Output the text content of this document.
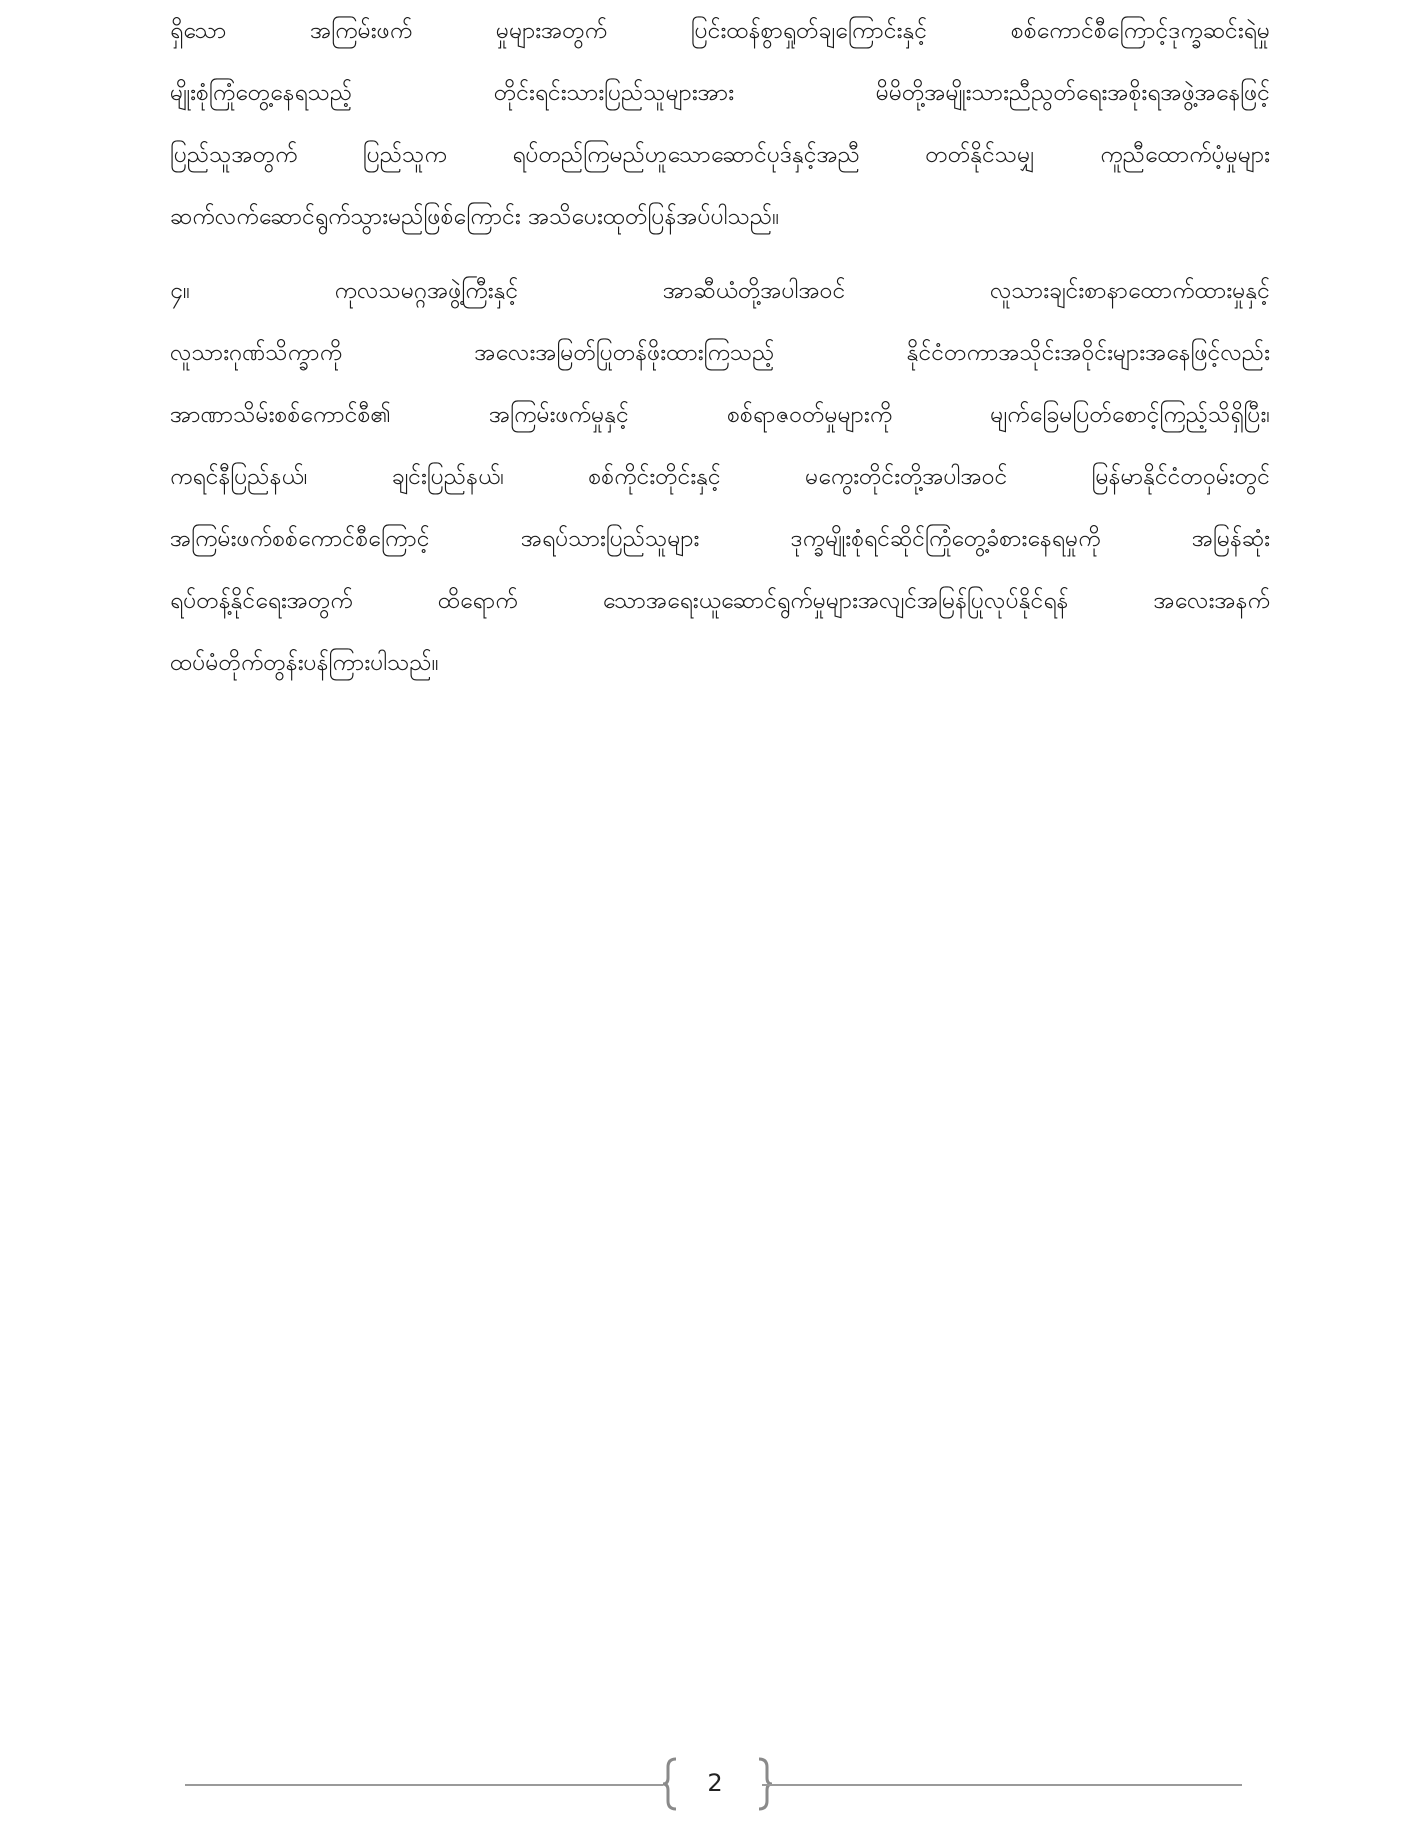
ရှိသော အကြမ်းဖက် မှုများအတွက် ပြင်းထန်စွာရှုတ်ချကြောင်းနှင့် စစ်ကောင်စီကြောင့်ဒုက္ခဆင်းရဲမှု
မျိုးစုံကြုံတွေ့နေရသည့် တိုင်းရင်းသားပြည်သူများအား မိမိတို့အမျိုးသားညီညွတ်ရေးအစိုးရအဖွဲ့အနေဖြင့်
ပြည်သူအတွက် ပြည်သူက ရပ်တည်ကြမည်ဟူသောဆောင်ပုဒ်နှင့်အညီ တတ်နိုင်သမျှ ကူညီထောက်ပံ့မှုများ
ဆက်လက်ဆောင်ရွက်သွားမည်ဖြစ်ကြောင်း အသိပေးထုတ်ပြန်အပ်ပါသည်။
၄။ ကုလသမဂ္ဂအဖွဲ့ကြီးနှင့် အာဆီယံတို့အပါအဝင် လူသားချင်းစာနာထောက်ထားမှုနှင့်
လူသားဂုဏ်သိက္ခာကို အလေးအမြတ်ပြုတန်ဖိုးထားကြသည့် နိုင်ငံတကာအသိုင်းအဝိုင်းများအနေဖြင့်လည်း
အာဏာသိမ်းစစ်ကောင်စီ၏ အကြမ်းဖက်မှုနှင့် စစ်ရာဇဝတ်မှုများကို မျက်ခြေမပြတ်စောင့်ကြည့်သိရှိပြီး၊
ကရင်နီပြည်နယ်၊ ချင်းပြည်နယ်၊ စစ်ကိုင်းတိုင်းနှင့် မကွေးတိုင်းတို့အပါအဝင် မြန်မာနိုင်ငံတဝှမ်းတွင်
အကြမ်းဖက်စစ်ကောင်စီကြောင့် အရပ်သားပြည်သူများ ဒုက္ခမျိုးစုံရင်ဆိုင်ကြုံတွေ့ခံစားနေရမှုကို အမြန်ဆုံး
ရပ်တန့်နိုင်ရေးအတွက် ထိရောက် သောအရေးယူဆောင်ရွက်မှုများအလျင်အမြန်ပြုလုပ်နိုင်ရန် အလေးအနက်
ထပ်မံတိုက်တွန်းပန်ကြားပါသည်။
2
